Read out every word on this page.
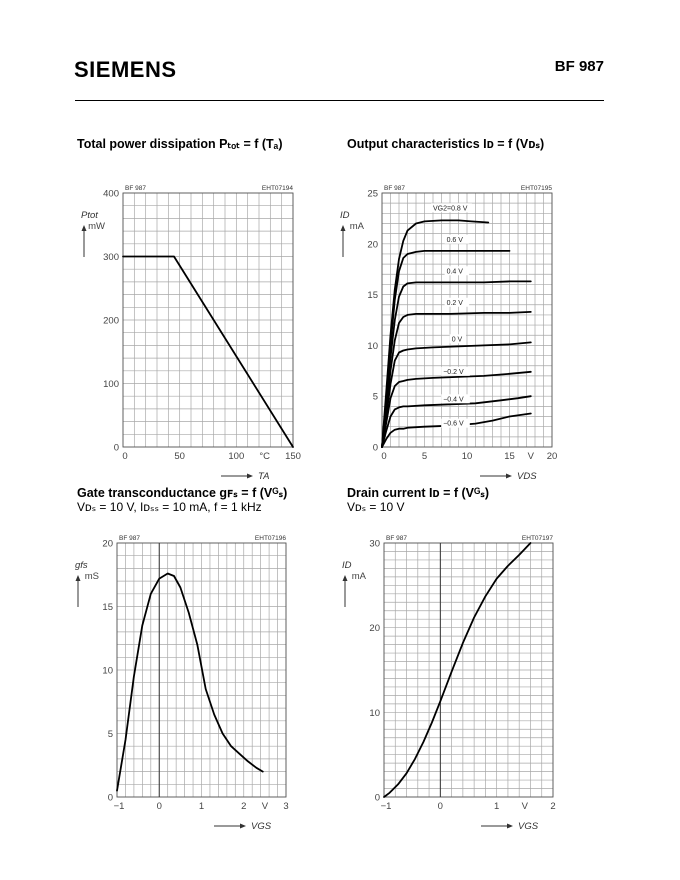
SIEMENS	BF 987
Total power dissipation Pₜₒₜ = f (Tₐ)	Output characteristics Iᴅ = f (Vᴅₛ)
Gate transconductance gꜰₛ = f (Vᴳₛ)
Vᴅₛ = 10 V, Iᴅₛₛ = 10 mA, f = 1 kHz
Drain current Iᴅ = f (Vᴳₛ)
Vᴅₛ = 10 V
BF 987	EHT07194
0
100
200
300
400
0	50	100	150
°C
Ptot
mW
TA
BF 987	EHT07195
0
5
10
15
20
25
0	5	10	15	20
V
ID
mA
VDS
VG2=0.8 V
0.6 V
0.4 V
0.2 V
0 V
−0.2 V
−0.4 V
−0.6 V
BF 987	EHT07196
0
5
10
15
20
−1	0	1	2	3
V
gfs
mS
VGS
BF 987	EHT07197
0
10
20
30
−1	0	1	2
V
ID
mA
VGS
